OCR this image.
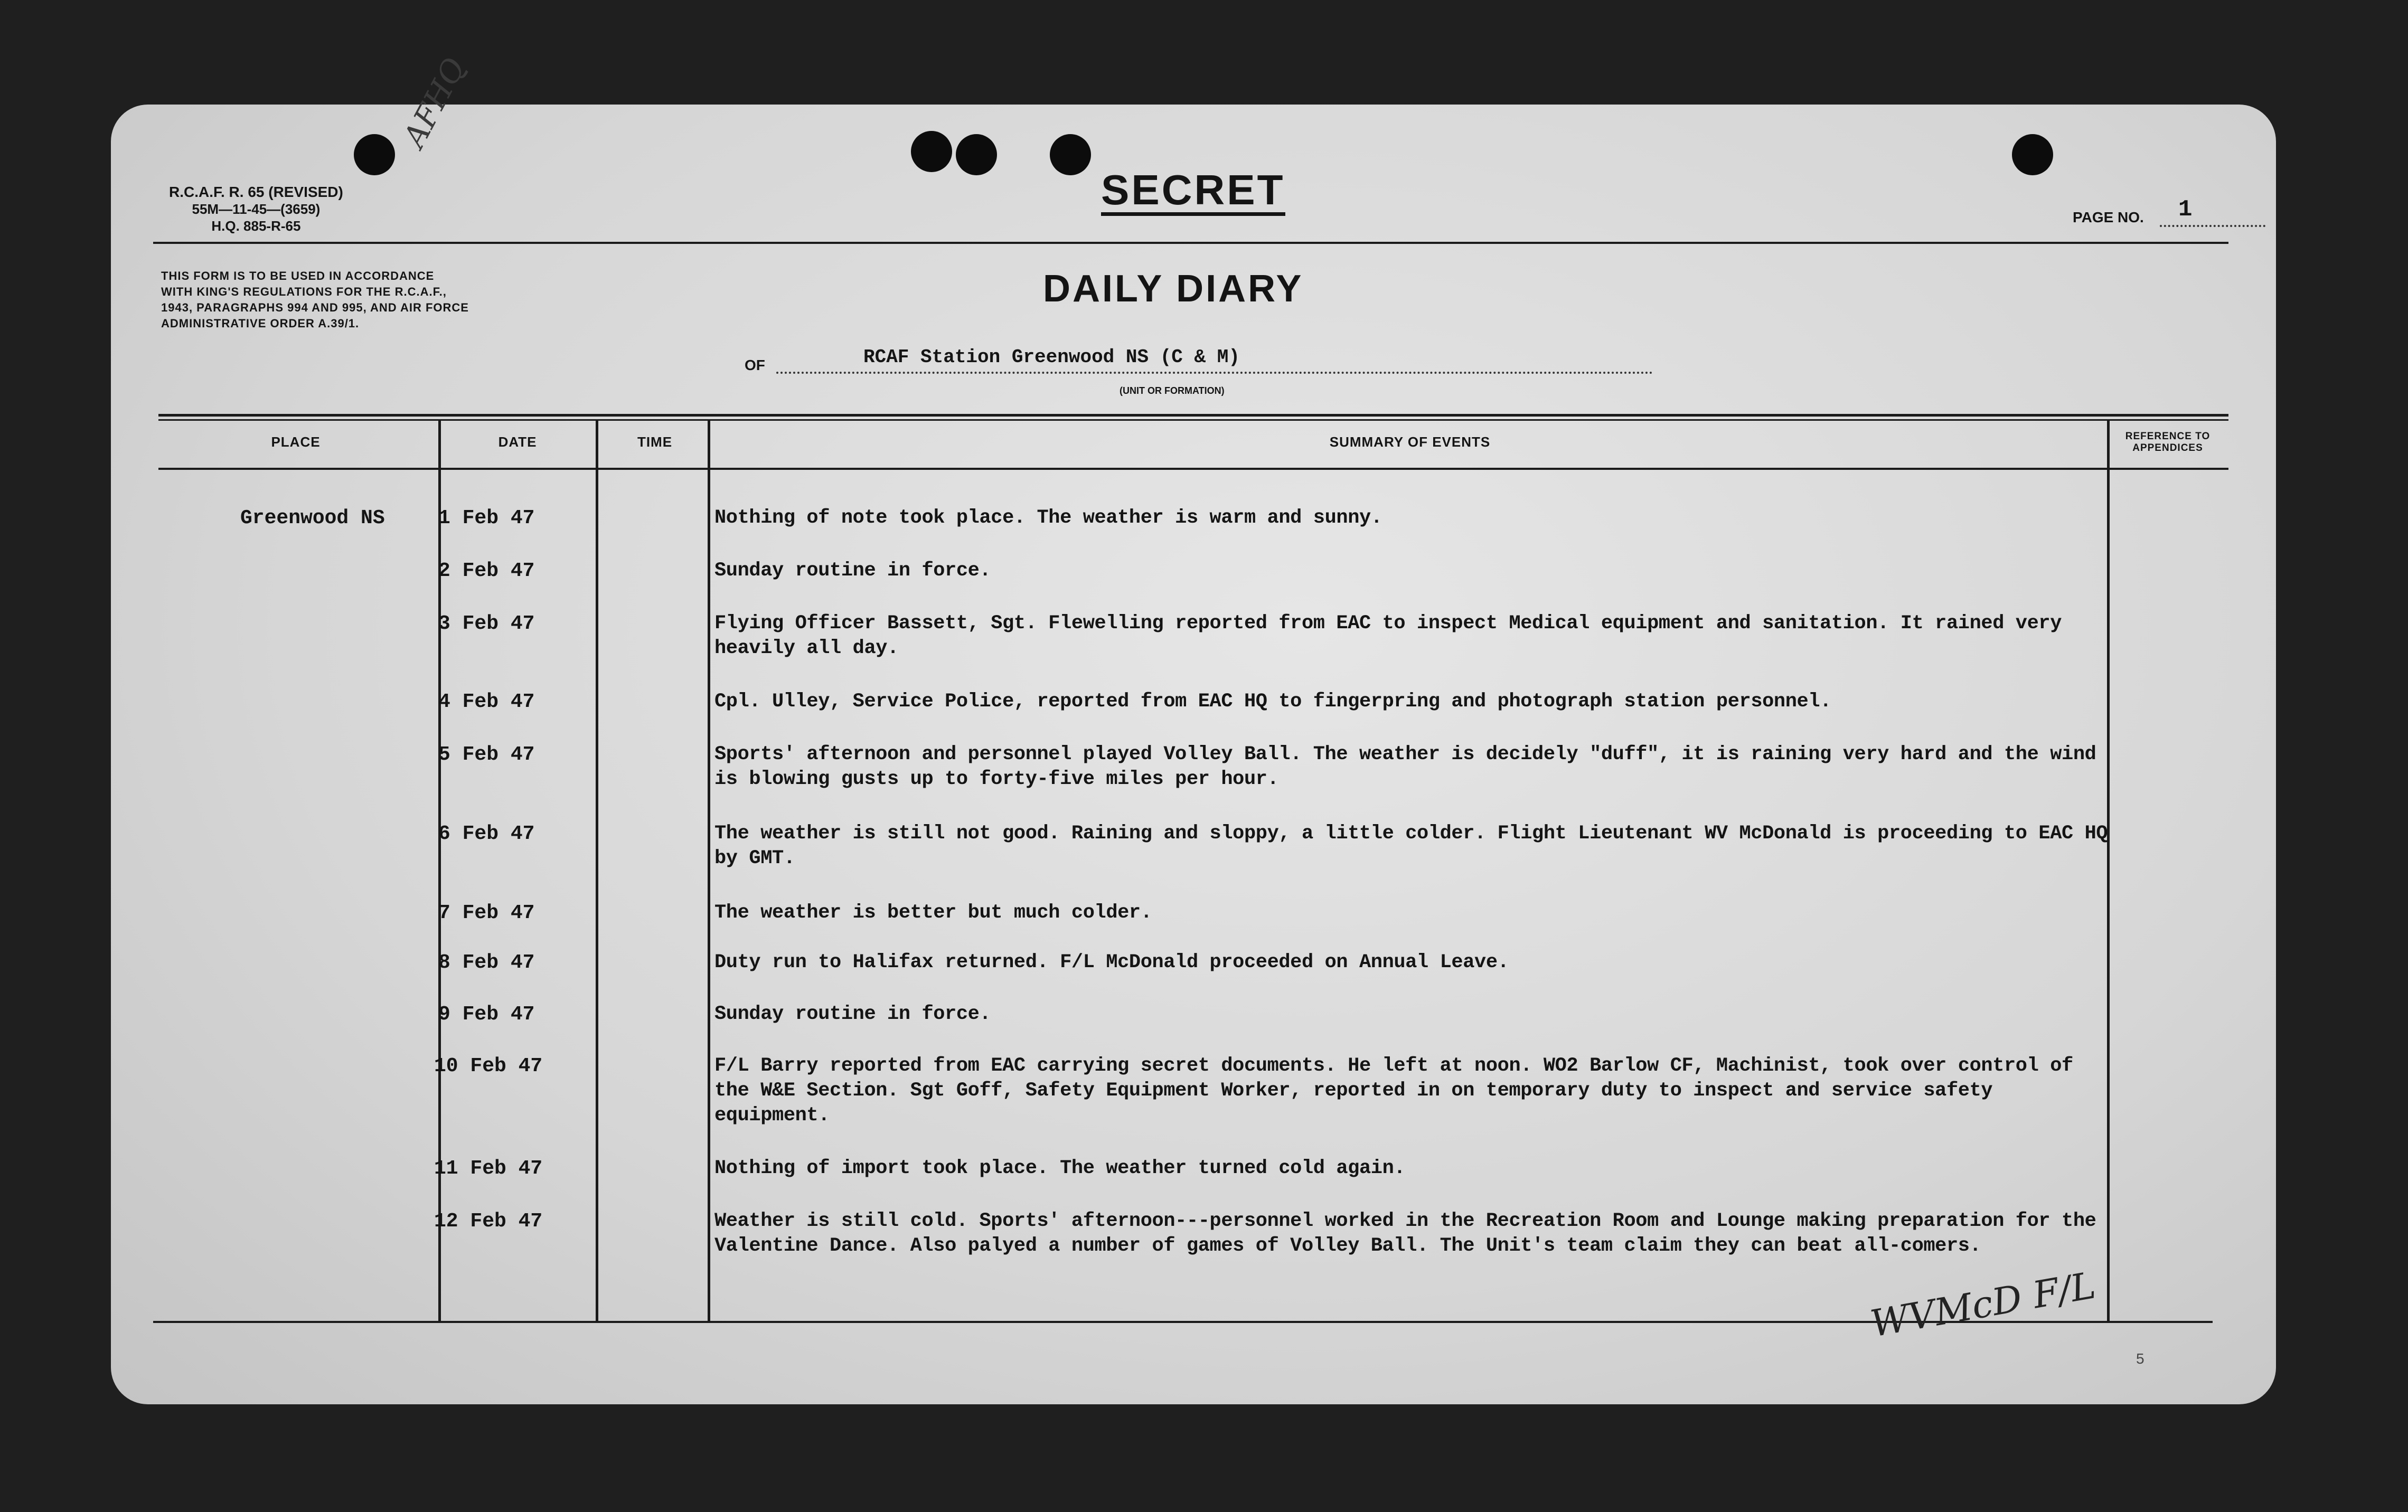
R.C.A.F. R. 65 (REVISED)
55M—11-45—(3659)
H.Q. 885-R-65
AFHQ
SECRET
PAGE NO. 1
THIS FORM IS TO BE USED IN ACCORDANCE
WITH KING'S REGULATIONS FOR THE R.C.A.F.,
1943, PARAGRAPHS 994 AND 995, AND AIR FORCE
ADMINISTRATIVE ORDER A.39/1.
DAILY DIARY
OF	RCAF Station Greenwood NS (C & M)
(UNIT OR FORMATION)
PLACE	DATE	TIME	SUMMARY OF EVENTS	REFERENCE TO
APPENDICES
Greenwood NS	1 Feb 47	Nothing of note took place. The weather is warm and sunny.
2 Feb 47	Sunday routine in force.
3 Feb 47	Flying Officer Bassett, Sgt. Flewelling reported from EAC to inspect Medical equipment and sanitation. It rained very heavily all day.
4 Feb 47	Cpl. Ulley, Service Police, reported from EAC HQ to fingerpring and photograph station personnel.
5 Feb 47	Sports' afternoon and personnel played Volley Ball. The weather is decidely "duff", it is raining very hard and the wind is blowing gusts up to forty-five miles per hour.
6 Feb 47	The weather is still not good. Raining and sloppy, a little colder. Flight Lieutenant WV McDonald is proceeding to EAC HQ by GMT.
7 Feb 47	The weather is better but much colder.
8 Feb 47	Duty run to Halifax returned. F/L McDonald proceeded on Annual Leave.
9 Feb 47	Sunday routine in force.
10 Feb 47	F/L Barry reported from EAC carrying secret documents. He left at noon. WO2 Barlow CF, Machinist, took over control of the W&E Section. Sgt Goff, Safety Equipment Worker, reported in on temporary duty to inspect and service safety equipment.
11 Feb 47	Nothing of import took place. The weather turned cold again.
12 Feb 47	Weather is still cold. Sports' afternoon---personnel worked in the Recreation Room and Lounge making preparation for the Valentine Dance. Also palyed a number of games of Volley Ball. The Unit's team claim they can beat all-comers.
WVMcD F/L
5
